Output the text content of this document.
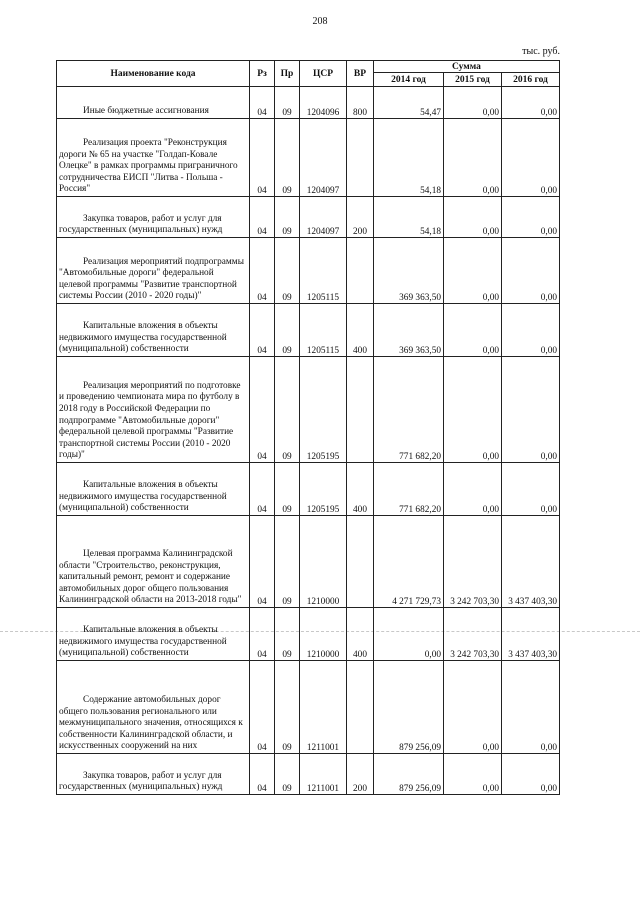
208
тыс. руб.
Наименование кода	Рз	Пр	ЦСР	ВР	Сумма		
					2014 год	2015 год	2016 год
Иные бюджетные ассигнования	04	09	1204096	800	54,47	0,00	0,00
Реализация проекта "Реконструкция дороги № 65 на участке "Голдап-Ковале Олецке" в рамках программы приграничного сотрудничества ЕИСП "Литва - Польша - Россия"	04	09	1204097		54,18	0,00	0,00
Закупка товаров, работ и услуг для государственных (муниципальных) нужд	04	09	1204097	200	54,18	0,00	0,00
Реализация мероприятий подпрограммы "Автомобильные дороги" федеральной целевой программы "Развитие транспортной системы России (2010 - 2020 годы)"	04	09	1205115		369 363,50	0,00	0,00
Капитальные вложения в объекты недвижимого имущества государственной (муниципальной) собственности	04	09	1205115	400	369 363,50	0,00	0,00
Реализация мероприятий по подготовке и проведению чемпионата мира по футболу в 2018 году в Российской Федерации по подпрограмме "Автомобильные дороги" федеральной целевой программы "Развитие транспортной системы России (2010 - 2020 годы)"	04	09	1205195		771 682,20	0,00	0,00
Капитальные вложения в объекты недвижимого имущества государственной (муниципальной) собственности	04	09	1205195	400	771 682,20	0,00	0,00
Целевая программа Калининградской области "Строительство, реконструкция, капитальный ремонт, ремонт и содержание автомобильных дорог общего пользования Калининградской области на 2013-2018 годы"	04	09	1210000		4 271 729,73	3 242 703,30	3 437 403,30
Капитальные вложения в объекты недвижимого имущества государственной (муниципальной) собственности	04	09	1210000	400	0,00	3 242 703,30	3 437 403,30
Содержание автомобильных дорог общего пользования регионального или межмуниципального значения, относящихся к собственности Калининградской области, и искусственных сооружений на них	04	09	1211001		879 256,09	0,00	0,00
Закупка товаров, работ и услуг для государственных (муниципальных) нужд	04	09	1211001	200	879 256,09	0,00	0,00
